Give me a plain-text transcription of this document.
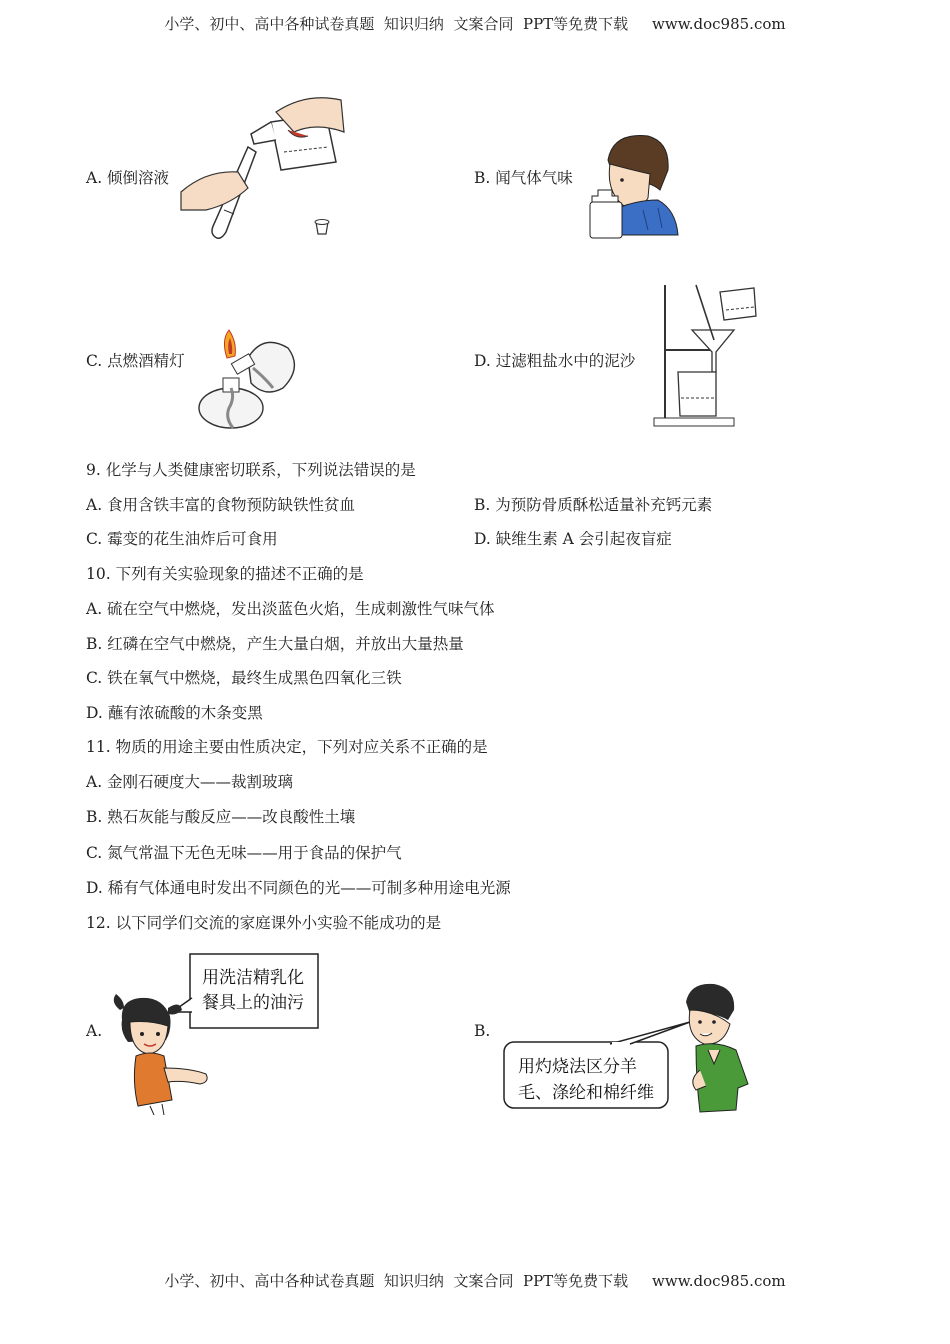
小学、初中、高中各种试卷真题  知识归纳  文案合同  PPT等免费下载     www.doc985.com
A. 倾倒溶液	B. 闻气体气味
C. 点燃酒精灯	D. 过滤粗盐水中的泥沙
9. 化学与人类健康密切联系，下列说法错误的是
A. 食用含铁丰富的食物预防缺铁性贫血	B. 为预防骨质酥松适量补充钙元素
C. 霉变的花生油炸后可食用	D. 缺维生素 A 会引起夜盲症
10. 下列有关实验现象的描述不正确的是
A. 硫在空气中燃烧，发出淡蓝色火焰，生成刺激性气味气体
B. 红磷在空气中燃烧，产生大量白烟，并放出大量热量
C. 铁在氧气中燃烧，最终生成黑色四氧化三铁
D. 蘸有浓硫酸的木条变黑
11. 物质的用途主要由性质决定，下列对应关系不正确的是
A. 金刚石硬度大——裁割玻璃
B. 熟石灰能与酸反应——改良酸性土壤
C. 氮气常温下无色无味——用于食品的保护气
D. 稀有气体通电时发出不同颜色的光——可制多种用途电光源
12. 以下同学们交流的家庭课外小实验不能成功的是
A.
用洗洁精乳化
餐具上的油污
B.
用灼烧法区分羊
毛、涤纶和棉纤维
小学、初中、高中各种试卷真题  知识归纳  文案合同  PPT等免费下载     www.doc985.com
